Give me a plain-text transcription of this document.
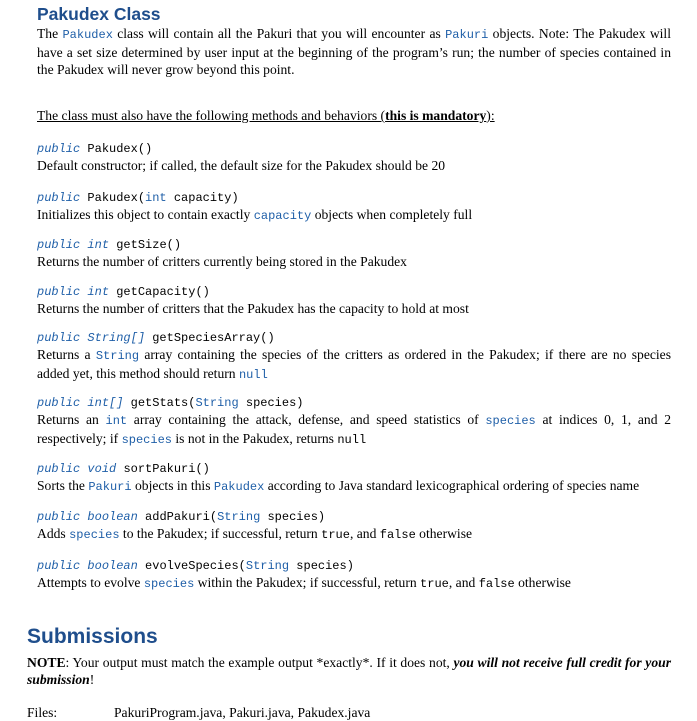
Pakudex Class
The Pakudex class will contain all the Pakuri that you will encounter as Pakuri objects. Note: The Pakudex will have a set size determined by user input at the beginning of the program’s run; the number of species contained in the Pakudex will never grow beyond this point.
The class must also have the following methods and behaviors (this is mandatory):
public Pakudex()
Default constructor; if called, the default size for the Pakudex should be 20
public Pakudex(int capacity)
Initializes this object to contain exactly capacity objects when completely full
public int getSize()
Returns the number of critters currently being stored in the Pakudex
public int getCapacity()
Returns the number of critters that the Pakudex has the capacity to hold at most
public String[] getSpeciesArray()
Returns a String array containing the species of the critters as ordered in the Pakudex; if there are no species added yet, this method should return null
public int[] getStats(String species)
Returns an int array containing the attack, defense, and speed statistics of species at indices 0, 1, and 2 respectively; if species is not in the Pakudex, returns null
public void sortPakuri()
Sorts the Pakuri objects in this Pakudex according to Java standard lexicographical ordering of species name
public boolean addPakuri(String species)
Adds species to the Pakudex; if successful, return true, and false otherwise
public boolean evolveSpecies(String species)
Attempts to evolve species within the Pakudex; if successful, return true, and false otherwise
Submissions
NOTE: Your output must match the example output *exactly*. If it does not, you will not receive full credit for your submission!
Files:	PakuriProgram.java, Pakuri.java, Pakudex.java
